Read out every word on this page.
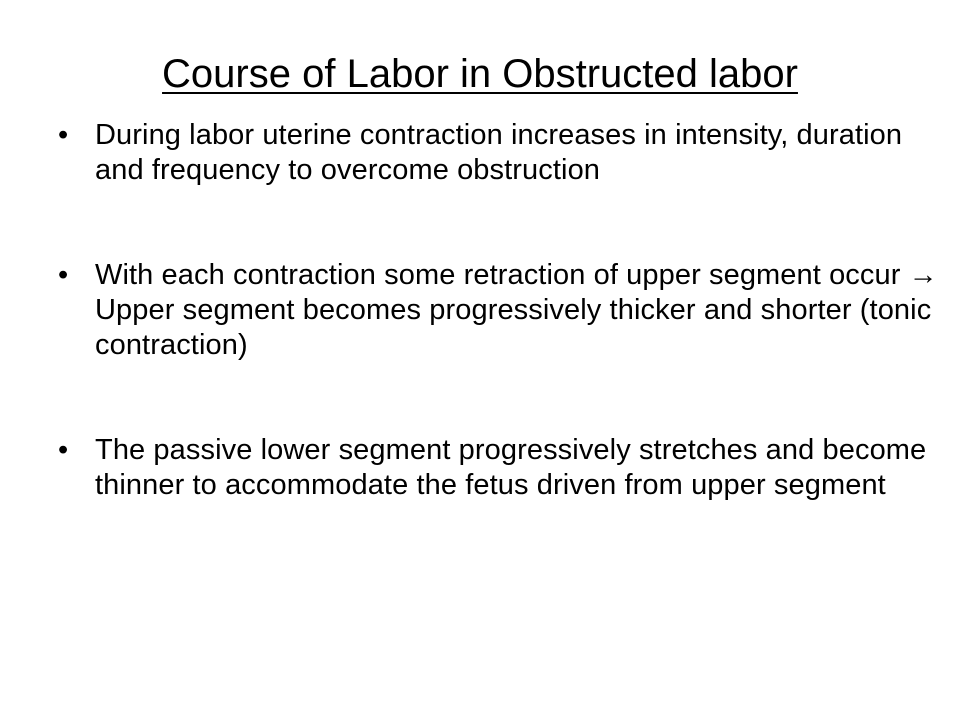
Course of Labor in Obstructed labor
• During labor uterine contraction increases in intensity, duration and frequency to overcome obstruction
• With each contraction some retraction of upper segment occur → Upper segment becomes progressively thicker and shorter (tonic contraction)
• The passive lower segment progressively stretches and become thinner to accommodate the fetus driven from upper segment
